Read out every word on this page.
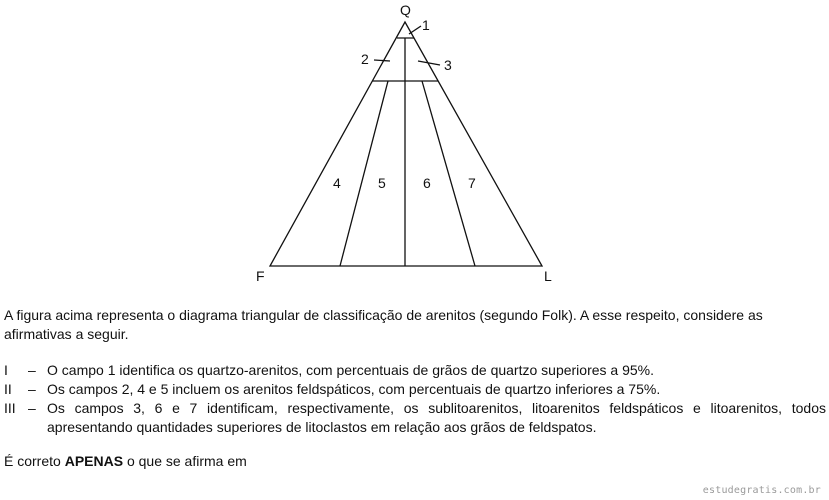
Q
F	L
1
2	3
4	5	6	7
A figura acima representa o diagrama triangular de classificação de arenitos (segundo Folk). A esse respeito, considere as afirmativas a seguir.
I	– O campo 1 identifica os quartzo-arenitos, com percentuais de grãos de quartzo superiores a 95%.
II	– Os campos 2, 4 e 5 incluem os arenitos feldspáticos, com percentuais de quartzo inferiores a 75%.
III – Os campos 3, 6 e 7 identificam, respectivamente, os sublitoarenitos, litoarenitos feldspáticos e litoarenitos, todos apresentando quantidades superiores de litoclastos em relação aos grãos de feldspatos.
É correto APENAS o que se afirma em
estudegratis.com.br
